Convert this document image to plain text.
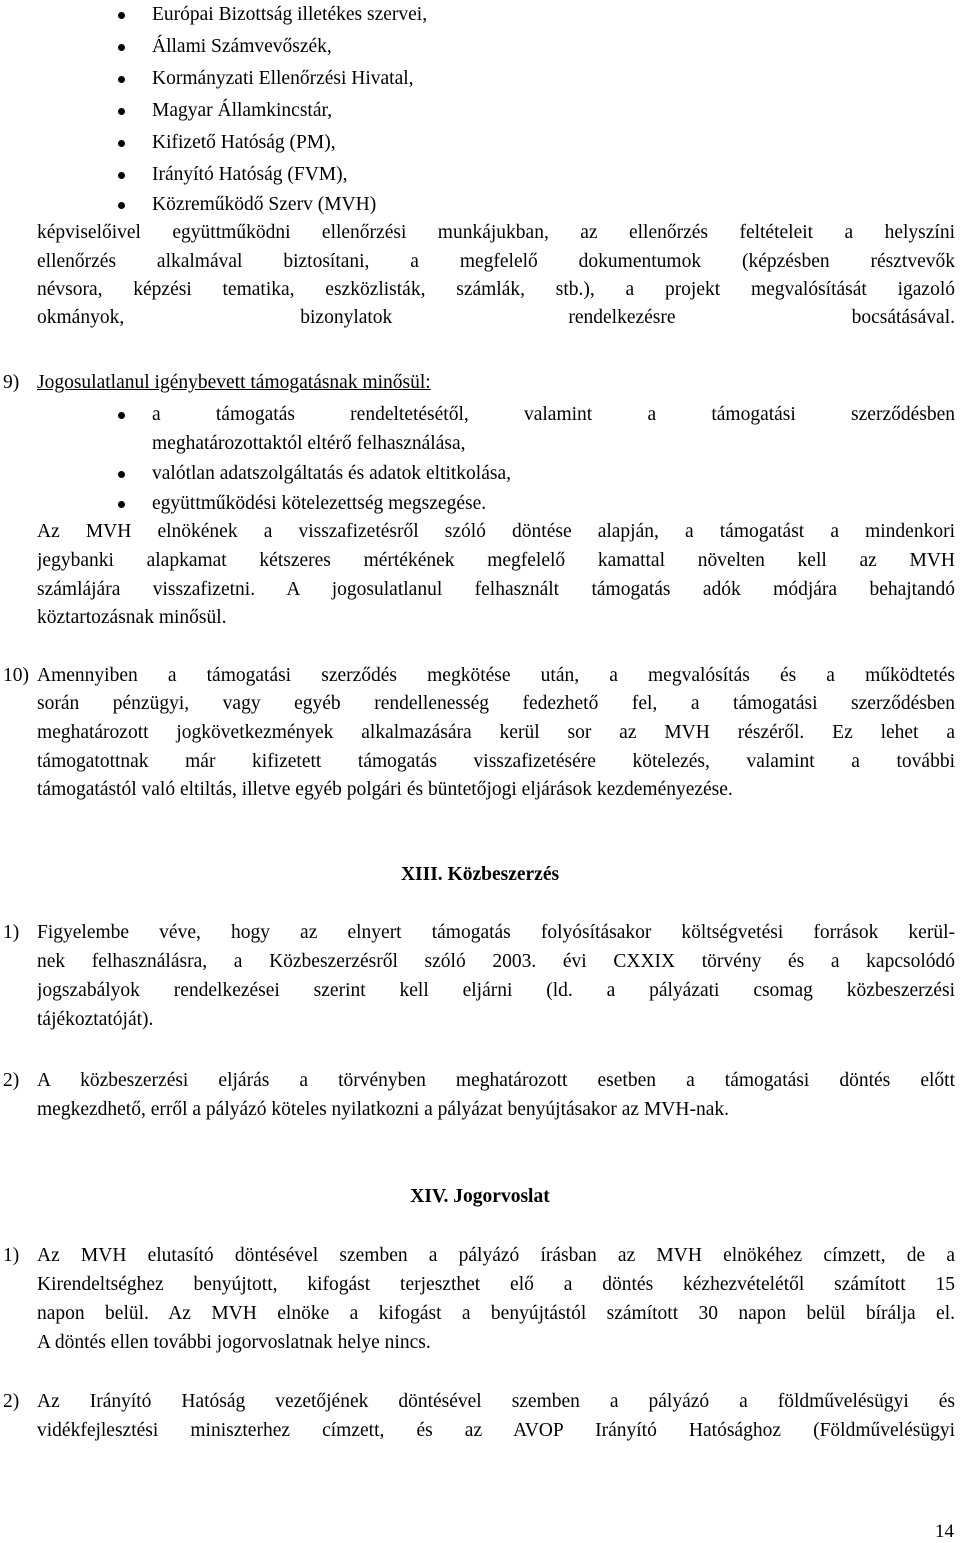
Európai Bizottság illetékes szervei,
Állami Számvevőszék,
Kormányzati Ellenőrzési Hivatal,
Magyar Államkincstár,
Kifizető Hatóság (PM),
Irányító Hatóság (FVM),
Közreműködő Szerv (MVH)
képviselőivel együttműködni ellenőrzési munkájukban, az ellenőrzés feltételeit a helyszíni
ellenőrzés alkalmával biztosítani, a megfelelő dokumentumok (képzésben résztvevők
névsora, képzési tematika, eszközlisták, számlák, stb.), a projekt megvalósítását igazoló
okmányok, bizonylatok rendelkezésre bocsátásával.
9) Jogosulatlanul igénybevett támogatásnak minősül:
a támogatás rendeltetésétől, valamint a támogatási szerződésben
meghatározottaktól eltérő felhasználása,
valótlan adatszolgáltatás és adatok eltitkolása,
együttműködési kötelezettség megszegése.
Az MVH elnökének a visszafizetésről szóló döntése alapján, a támogatást a mindenkori
jegybanki alapkamat kétszeres mértékének megfelelő kamattal növelten kell az MVH
számlájára visszafizetni. A jogosulatlanul felhasznált támogatás adók módjára behajtandó
köztartozásnak minősül.
10) Amennyiben a támogatási szerződés megkötése után, a megvalósítás és a működtetés
során pénzügyi, vagy egyéb rendellenesség fedezhető fel, a támogatási szerződésben
meghatározott jogkövetkezmények alkalmazására kerül sor az MVH részéről. Ez lehet a
támogatottnak már kifizetett támogatás visszafizetésére kötelezés, valamint a további
támogatástól való eltiltás, illetve egyéb polgári és büntetőjogi eljárások kezdeményezése.
XIII. Közbeszerzés
1) Figyelembe véve, hogy az elnyert támogatás folyósításakor költségvetési források kerül-
nek felhasználásra, a Közbeszerzésről szóló 2003. évi CXXIX törvény és a kapcsolódó
jogszabályok rendelkezései szerint kell eljárni (ld. a pályázati csomag közbeszerzési
tájékoztatóját).
2) A közbeszerzési eljárás a törvényben meghatározott esetben a támogatási döntés előtt
megkezdhető, erről a pályázó köteles nyilatkozni a pályázat benyújtásakor az MVH-nak.
XIV. Jogorvoslat
1) Az MVH elutasító döntésével szemben a pályázó írásban az MVH elnökéhez címzett, de a
Kirendeltséghez benyújtott, kifogást terjeszthet elő a döntés kézhezvételétől számított 15
napon belül. Az MVH elnöke a kifogást a benyújtástól számított 30 napon belül bírálja el.
A döntés ellen további jogorvoslatnak helye nincs.
2) Az Irányító Hatóság vezetőjének döntésével szemben a pályázó a földművelésügyi és
vidékfejlesztési miniszterhez címzett, és az AVOP Irányító Hatósághoz (Földművelésügyi
14
